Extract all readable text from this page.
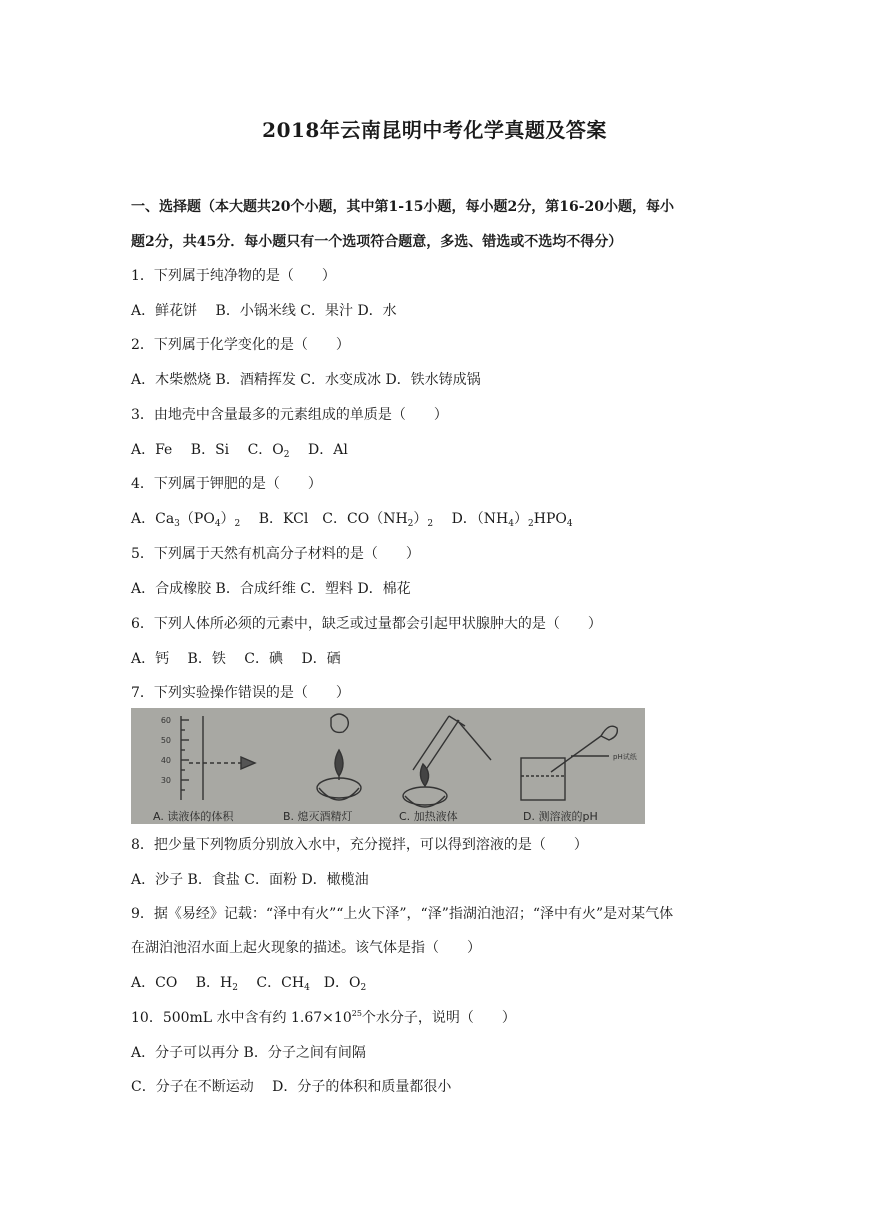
2018年云南昆明中考化学真题及答案
一、选择题（本大题共20个小题，其中第1-15小题，每小题2分，第16-20小题，每小
题2分，共45分．每小题只有一个选项符合题意，多选、错选或不选均不得分）
1．下列属于纯净物的是（　　）
A．鲜花饼　 B．小锅米线 C．果汁 D．水
2．下列属于化学变化的是（　　）
A．木柴燃烧 B．酒精挥发 C．水变成冰 D．铁水铸成锅
3．由地壳中含量最多的元素组成的单质是（　　）
A．Fe　 B．Si　 C．$O_2$　 D．Al
4．下列属于钾肥的是（　　）
A．$Ca_3(PO_4)_2$　 B．KCl　C．$CO(NH_2)_2$　 D．$(NH_4)_2HPO_4$
5．下列属于天然有机高分子材料的是（　　）
A．合成橡胶 B．合成纤维 C．塑料 D．棉花
6．下列人体所必须的元素中，缺乏或过量都会引起甲状腺肿大的是（　　）
A．钙　 B．铁　 C．碘　 D．硒
7．下列实验操作错误的是（　　）
60
50
40
30
pH试纸
A. 读液体的体积	B. 熄灭酒精灯	C. 加热液体	D. 测溶液的pH
8．把少量下列物质分别放入水中，充分搅拌，可以得到溶液的是（　　）
A．沙子 B．食盐 C．面粉 D．橄榄油
9．据《易经》记载：“泽中有火”“上火下泽”，“泽”指湖泊池沼；“泽中有火”是对某气体
在湖泊池沼水面上起火现象的描述。该气体是指（　　）
A．CO　 B．$H_2$　 C．$CH_4$　D．$O_2$
10．500mL 水中含有约 $1.67\times 10^{25}$个水分子，说明（　　）
A．分子可以再分 B．分子之间有间隔
C．分子在不断运动　 D．分子的体积和质量都很小
